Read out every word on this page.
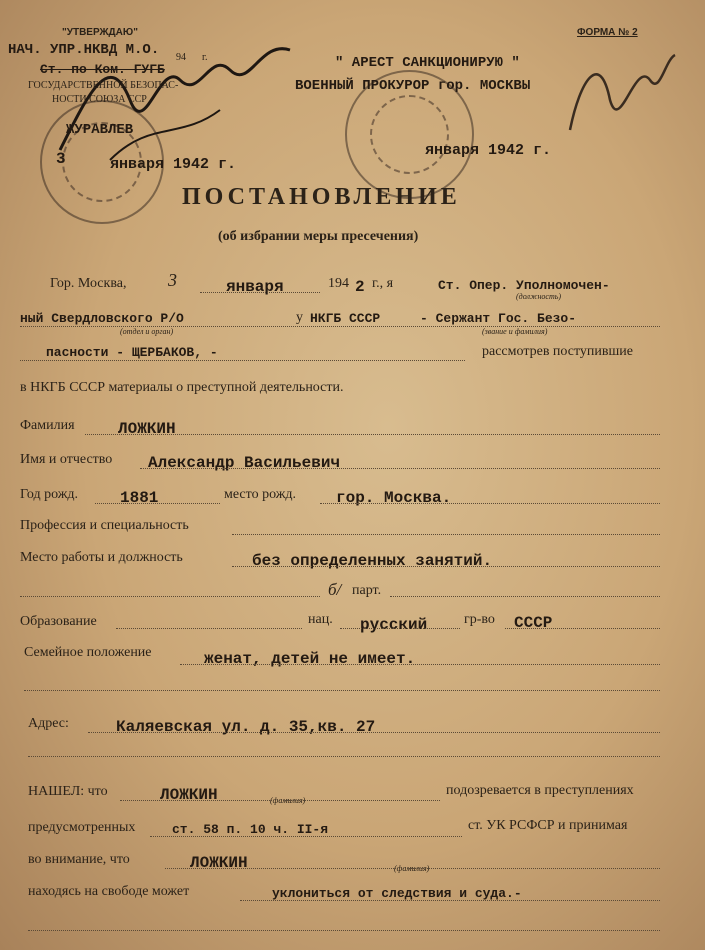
ФОРМА № 2
"УТВЕРЖДАЮ"
НАЧ. УПР.НКВД М.О. 94
Ст. по Ком. ГУГБ
ГОСУДАРСТВЕННОЙ БЕЗОПАС-
НОСТИ СОЮЗА ССР
ЖУРАВЛЕВ
3	января 1942 г.
г.	" АРЕСТ САНКЦИОНИРУЮ "
ВОЕННЫЙ ПРОКУРОР гор. МОСКВЫ
января 1942 г.
ПОСТАНОВЛЕНИЕ
(об избрании меры пресечения)
Гор. Москва, 3	января	194 2 г., я	Ст. Опер. Уполномочен-
(должность)
ный Свердловского Р/О
(отдел и орган)
у НКГБ СССР	- Сержант Гос. Безо-
(звание и фамилия)
пасности - ЩЕРБАКОВ, -	рассмотрев поступившие
в НКГБ СССР материалы о преступной деятельности.
Фамилия	ЛОЖКИН
Имя и отчество Александр Васильевич
Год рожд.	1881	место рожд. гор. Москва.
Профессия и специальность
Место работы и должность	без определенных занятий.
б/ парт.
Образование	нац. русский	гр-во СССР
Семейное положение	женат, детей не имеет.
Адрес:	Каляевская ул. д. 35,кв. 27
НАШЕЛ: что	ЛОЖКИН	(фамилия)
подозревается в преступлениях
предусмотренных	ст. 58 п. 10 ч. II-я	ст. УК РСФСР и принимая
во внимание, что	ЛОЖКИН	(фамилия)
находясь на свободе может	уклониться от следствия и суда.-
